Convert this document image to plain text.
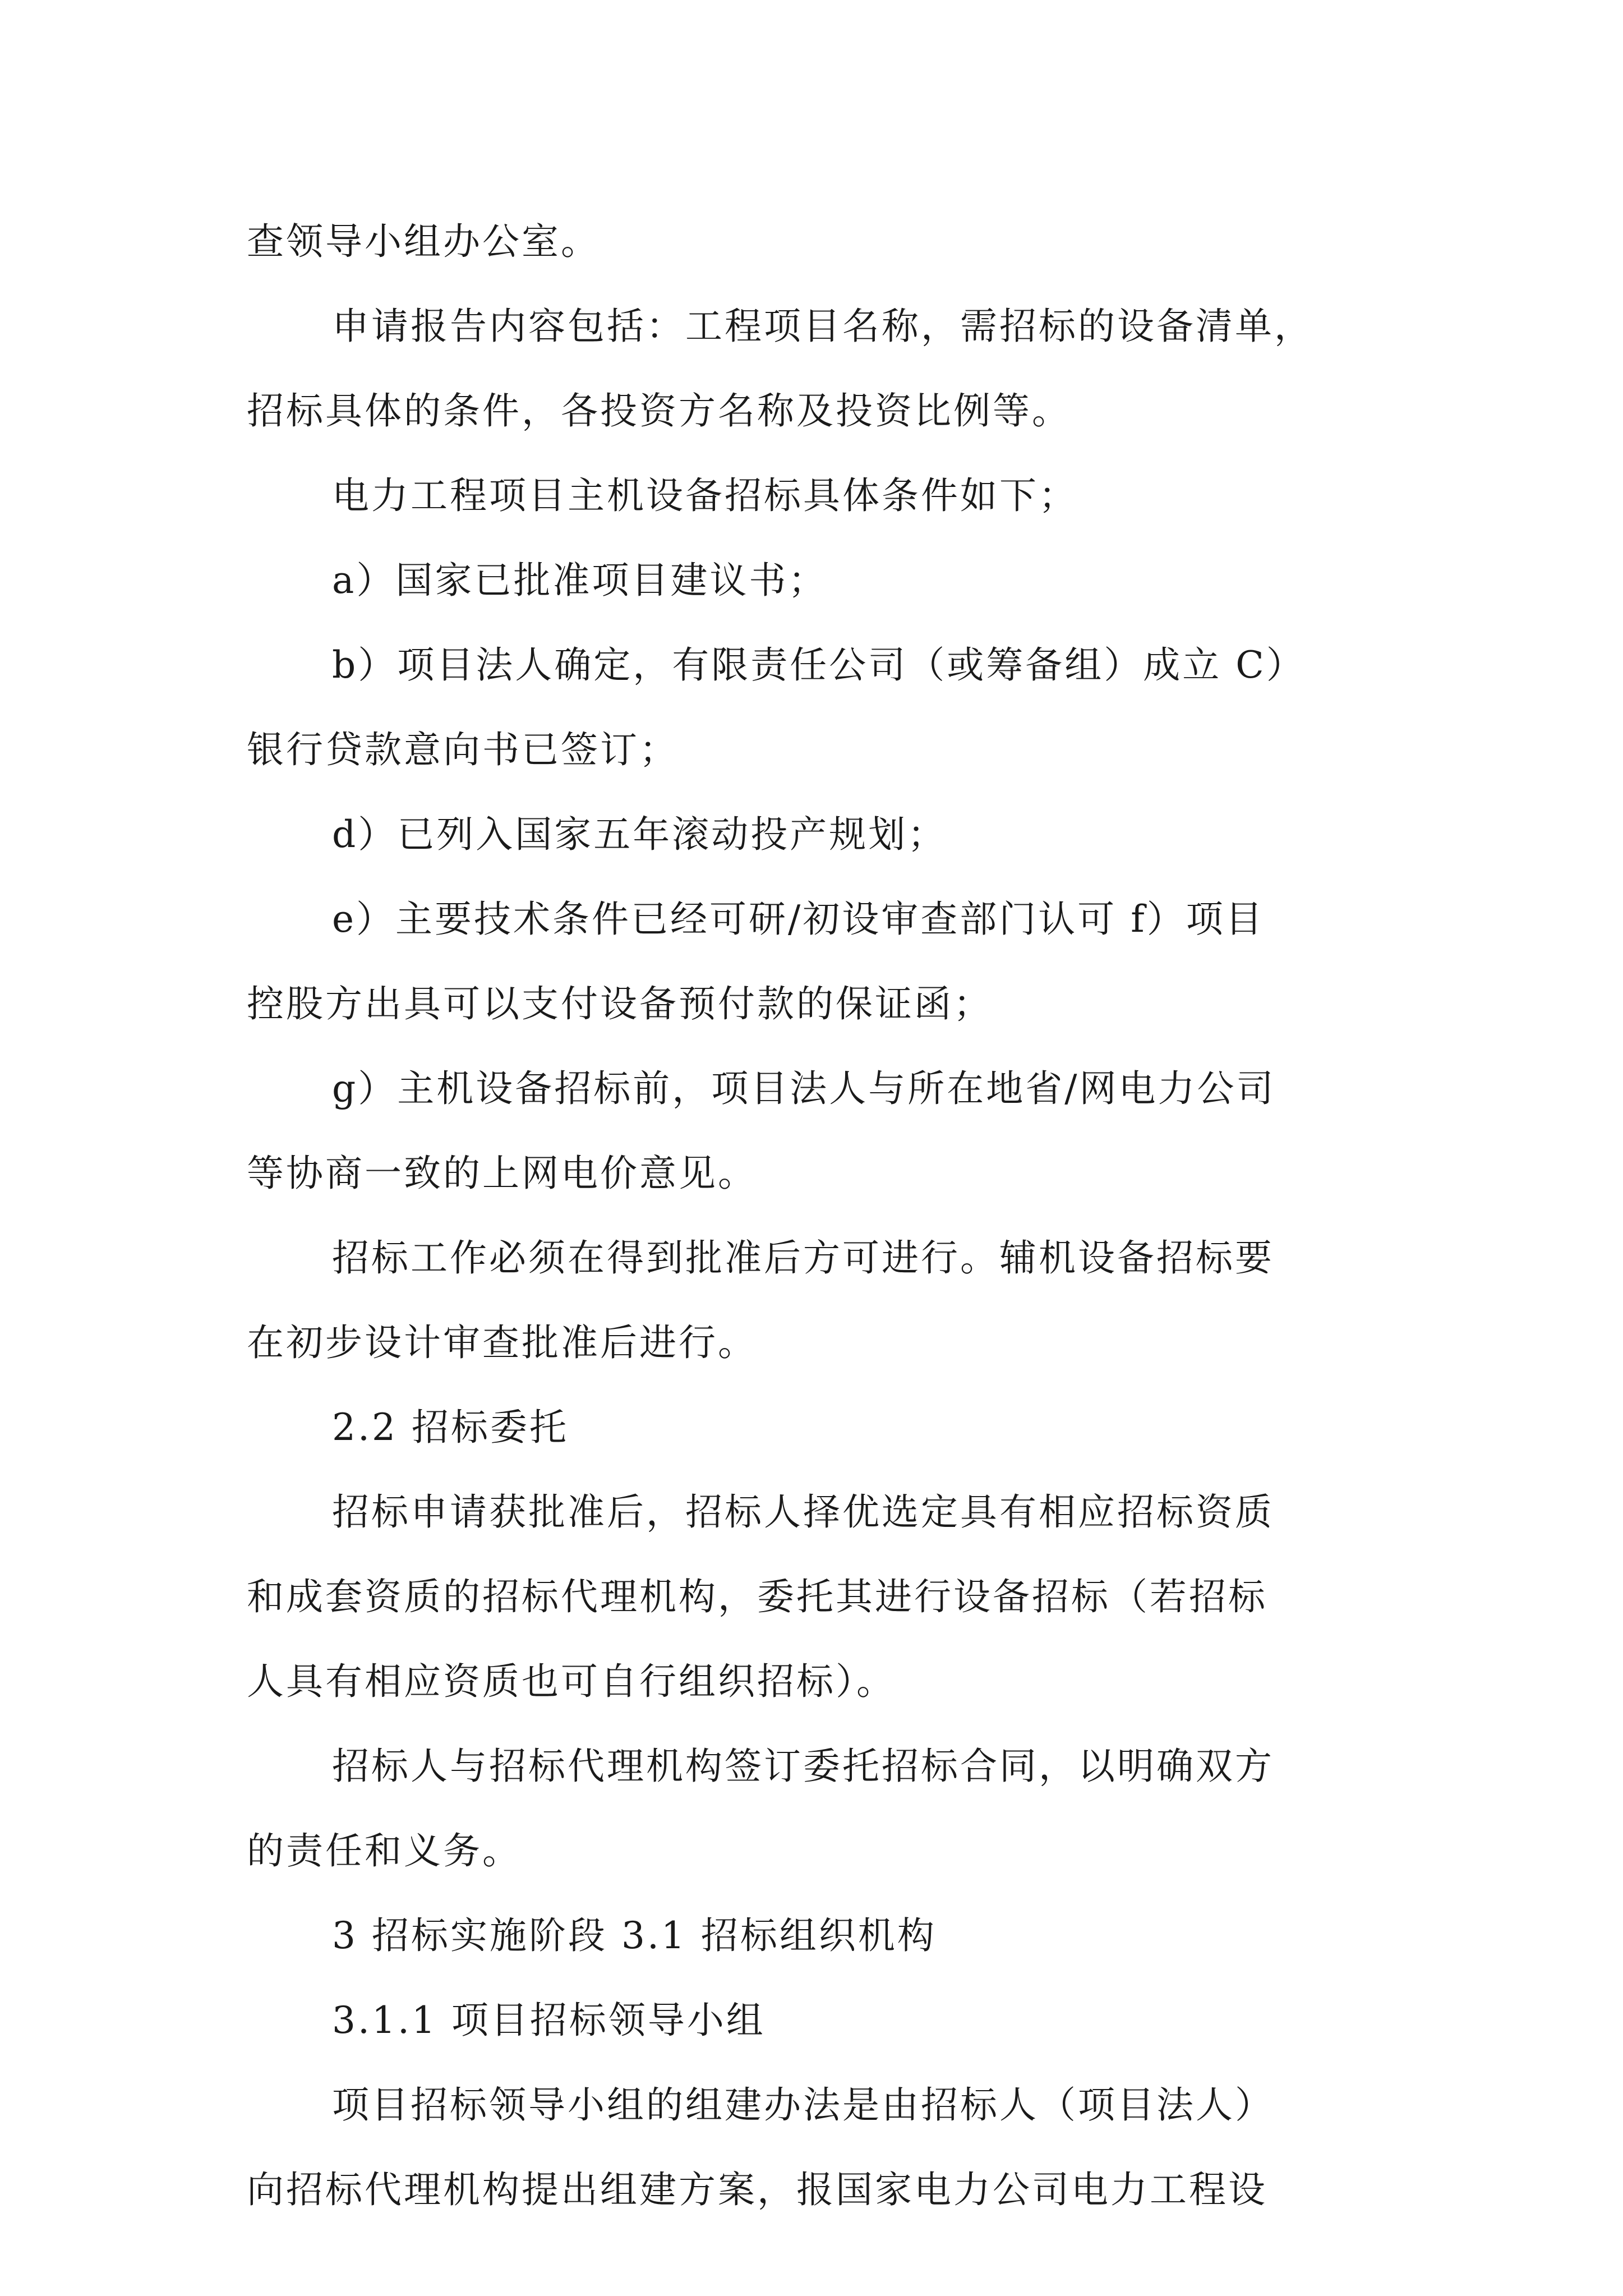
查领导小组办公室。
申请报告内容包括：工程项目名称，需招标的设备清单，
招标具体的条件，各投资方名称及投资比例等。
电力工程项目主机设备招标具体条件如下；
a）国家已批准项目建议书；
b）项目法人确定，有限责任公司（或筹备组）成立 C）
银行贷款意向书已签订；
d）已列入国家五年滚动投产规划；
e）主要技术条件已经可研/初设审查部门认可 f）项目
控股方出具可以支付设备预付款的保证函；
g）主机设备招标前，项目法人与所在地省/网电力公司
等协商一致的上网电价意见。
招标工作必须在得到批准后方可进行。辅机设备招标要
在初步设计审查批准后进行。
2.2 招标委托
招标申请获批准后，招标人择优选定具有相应招标资质
和成套资质的招标代理机构，委托其进行设备招标（若招标
人具有相应资质也可自行组织招标）。
招标人与招标代理机构签订委托招标合同，以明确双方
的责任和义务。
3 招标实施阶段 3.1 招标组织机构
3.1.1 项目招标领导小组
项目招标领导小组的组建办法是由招标人（项目法人）
向招标代理机构提出组建方案，报国家电力公司电力工程设
